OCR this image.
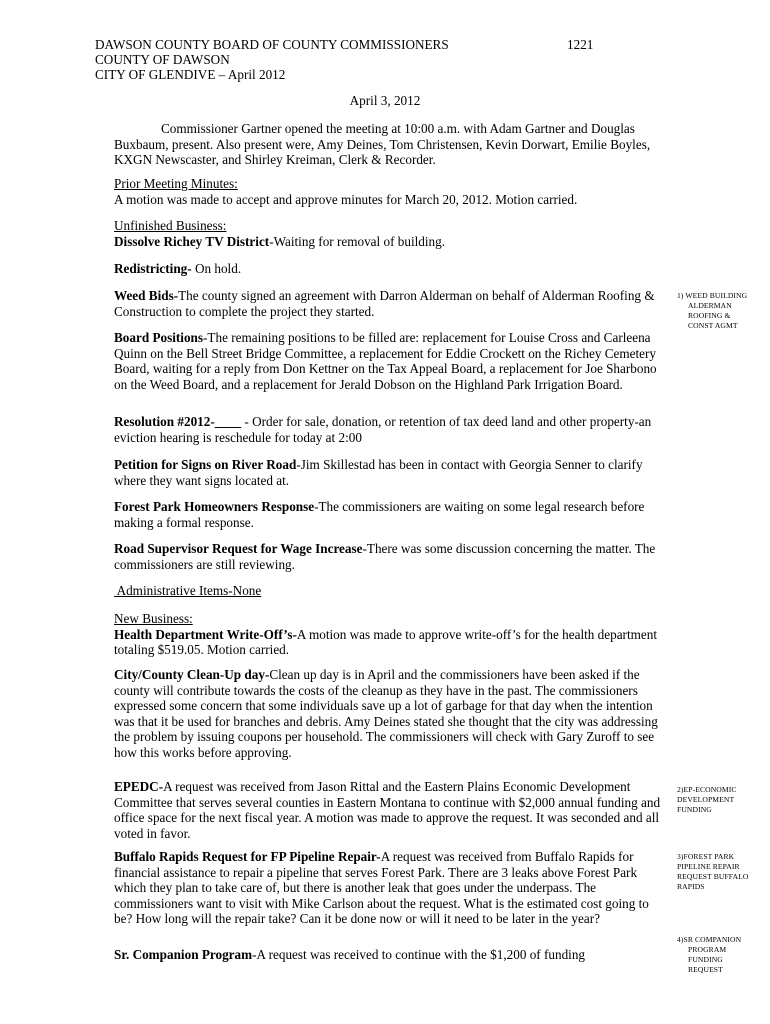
DAWSON COUNTY BOARD OF COUNTY COMMISSIONERS	1221
COUNTY OF DAWSON
CITY OF GLENDIVE – April 2012
April 3, 2012

Commissioner Gartner opened the meeting at 10:00 a.m. with Adam Gartner and Douglas Buxbaum, present. Also present were, Amy Deines, Tom Christensen, Kevin Dorwart, Emilie Boyles, KXGN Newscaster, and Shirley Kreiman, Clerk & Recorder.

Prior Meeting Minutes:

A motion was made to accept and approve minutes for March 20, 2012. Motion carried.

Unfinished Business:

Dissolve Richey TV District-Waiting for removal of building.

Redistricting- On hold.

Weed Bids-The county signed an agreement with Darron Alderman on behalf of Alderman Roofing & Construction to complete the project they started.

Board Positions-The remaining positions to be filled are: replacement for Louise Cross and Carleena Quinn on the Bell Street Bridge Committee, a replacement for Eddie Crockett on the Richey Cemetery Board, waiting for a reply from Don Kettner on the Tax Appeal Board, a replacement for Joe Sharbono on the Weed Board, and a replacement for Jerald Dobson on the Highland Park Irrigation Board.

Resolution #2012-____ - Order for sale, donation, or retention of tax deed land and other property-an eviction hearing is reschedule for today at 2:00

Petition for Signs on River Road-Jim Skillestad has been in contact with Georgia Senner to clarify where they want signs located at.

Forest Park Homeowners Response-The commissioners are waiting on some legal research before making a formal response.

Road Supervisor Request for Wage Increase-There was some discussion concerning the matter. The commissioners are still reviewing.

Administrative Items-None

New Business:

Health Department Write-Off’s-A motion was made to approve write-off’s for the health department totaling $519.05. Motion carried.

City/County Clean-Up day-Clean up day is in April and the commissioners have been asked if the county will contribute towards the costs of the cleanup as they have in the past. The commissioners expressed some concern that some individuals save up a lot of garbage for that day when the intention was that it be used for branches and debris. Amy Deines stated she thought that the city was addressing the problem by issuing coupons per household. The commissioners will check with Gary Zuroff to see how this works before approving.

EPEDC-A request was received from Jason Rittal and the Eastern Plains Economic Development Committee that serves several counties in Eastern Montana to continue with $2,000 annual funding and office space for the next fiscal year. A motion was made to approve the request. It was seconded and all voted in favor.

Buffalo Rapids Request for FP Pipeline Repair-A request was received from Buffalo Rapids for financial assistance to repair a pipeline that serves Forest Park. There are 3 leaks above Forest Park which they plan to take care of, but there is another leak that goes under the underpass. The commissioners want to visit with Mike Carlson about the request. What is the estimated cost going to be? How long will the repair take? Can it be done now or will it need to be later in the year?

Sr. Companion Program-A request was received to continue with the $1,200 of funding

1) WEED BUILDING
ALDERMAN
ROOFING &
CONST AGMT
2)EP-ECONOMIC
DEVELOPMENT
FUNDING
3)FOREST PARK
PIPELINE REPAIR
REQUEST BUFFALO
RAPIDS
4)SR COMPANION
PROGRAM
FUNDING
REQUEST
